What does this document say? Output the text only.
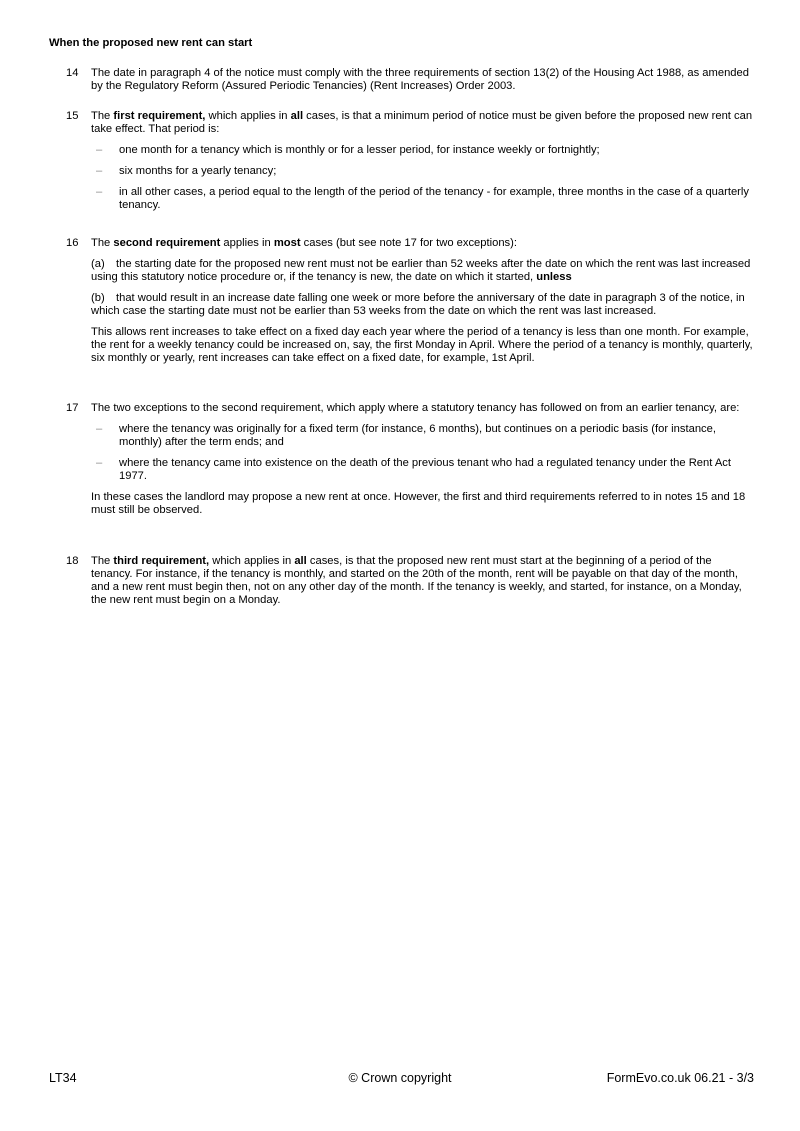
When the proposed new rent can start
14	The date in paragraph 4 of the notice must comply with the three requirements of section 13(2) of the Housing Act 1988, as amended by the Regulatory Reform (Assured Periodic Tenancies) (Rent Increases) Order 2003.

15	The first requirement, which applies in all cases, is that a minimum period of notice must be given before the proposed new rent can take effect. That period is:

– one month for a tenancy which is monthly or for a lesser period, for instance weekly or fortnightly;
– six months for a yearly tenancy;
– in all other cases, a period equal to the length of the period of the tenancy - for example, three months in the case of a quarterly tenancy.
16	The second requirement applies in most cases (but see note 17 for two exceptions):

(a) the starting date for the proposed new rent must not be earlier than 52 weeks after the date on which the rent was last increased using this statutory notice procedure or, if the tenancy is new, the date on which it started, unless

(b) that would result in an increase date falling one week or more before the anniversary of the date in paragraph 3 of the notice, in which case the starting date must not be earlier than 53 weeks from the date on which the rent was last increased.

This allows rent increases to take effect on a fixed day each year where the period of a tenancy is less than one month. For example, the rent for a weekly tenancy could be increased on, say, the first Monday in April. Where the period of a tenancy is monthly, quarterly, six monthly or yearly, rent increases can take effect on a fixed date, for example, 1st April.

17	The two exceptions to the second requirement, which apply where a statutory tenancy has followed on from an earlier tenancy, are:

– where the tenancy was originally for a fixed term (for instance, 6 months), but continues on a periodic basis (for instance, monthly) after the term ends; and
– where the tenancy came into existence on the death of the previous tenant who had a regulated tenancy under the Rent Act 1977.

In these cases the landlord may propose a new rent at once. However, the first and third requirements referred to in notes 15 and 18 must still be observed.

18	The third requirement, which applies in all cases, is that the proposed new rent must start at the beginning of a period of the tenancy. For instance, if the tenancy is monthly, and started on the 20th of the month, rent will be payable on that day of the month, and a new rent must begin then, not on any other day of the month. If the tenancy is weekly, and started, for instance, on a Monday, the new rent must begin on a Monday.

LT34	© Crown copyright	FormEvo.co.uk 06.21 - 3/3
